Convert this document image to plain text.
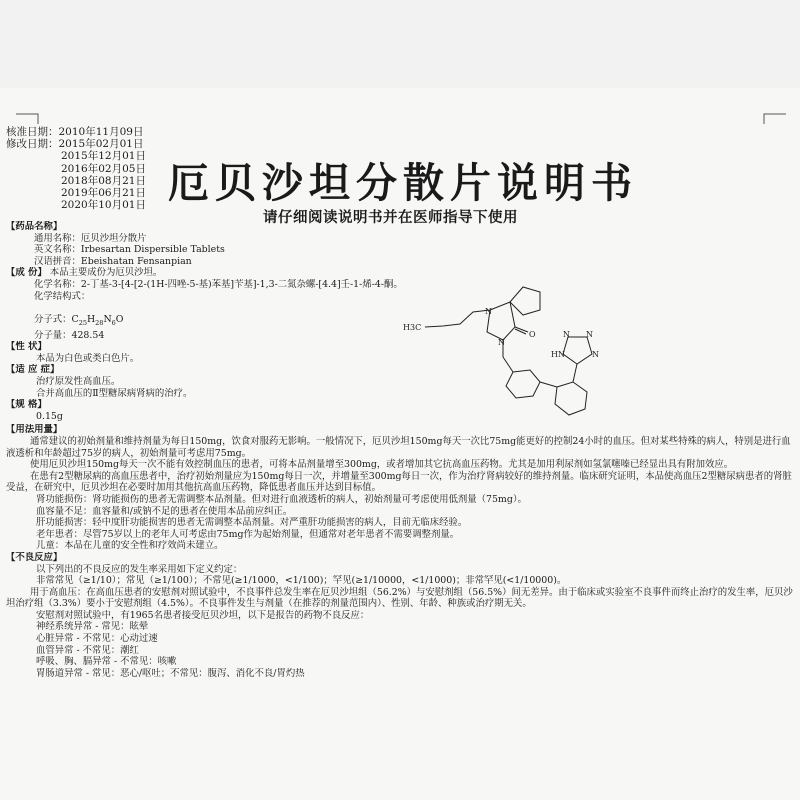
核准日期：2010年11月09日
修改日期：2015年02月01日
2015年12月01日
2016年02月05日
2018年08月21日
2019年06月21日
2020年10月01日 厄贝沙坦分散片说明书
请仔细阅读说明书并在医师指导下使用
【药品名称】
通用名称：厄贝沙坦分散片
英文名称：Irbesartan Dispersible Tablets
汉语拼音：Ebeishatan Fensanpian
【成 份】 本品主要成份为厄贝沙坦。
化学名称：2-丁基-3-[4-[2-(1H-四唑-5-基)苯基]苄基]-1,3-二氮杂螺-[4.4]壬-1-烯-4-酮。
化学结构式：
分子式：$C_{25}H_{28}N_6O$
分子量：428.54
【性 状】
本品为白色或类白色片。
【适 应 症】
治疗原发性高血压。
合并高血压的Ⅱ型糖尿病肾病的治疗。
【规 格】
0.15g
【用法用量】
通常建议的初始剂量和维持剂量为每日150mg，饮食对服药无影响。一般情况下，厄贝沙坦150mg每天一次比75mg能更好的控制24小时的血压。但对某些特殊的病人，特别是进行血液透析和年龄超过75岁的病人，初始剂量可考虑用75mg。
使用厄贝沙坦150mg每天一次不能有效控制血压的患者，可将本品剂量增至300mg，或者增加其它抗高血压药物。尤其是加用利尿剂如氢氯噻嗪已经显出具有附加效应。
在患有2型糖尿病的高血压患者中，治疗初始剂量应为150mg每日一次，并增量至300mg每日一次，作为治疗肾病较好的维持剂量。临床研究证明，本品使高血压2型糖尿病患者的肾脏受益，在研究中，厄贝沙坦在必要时加用其他抗高血压药物，降低患者血压并达到目标值。
肾功能损伤：肾功能损伤的患者无需调整本品剂量。但对进行血液透析的病人，初始剂量可考虑使用低剂量（75mg）。
血容量不足：血容量和/或钠不足的患者在使用本品前应纠正。
肝功能损害：轻中度肝功能损害的患者无需调整本品剂量。对严重肝功能损害的病人，目前无临床经验。
老年患者：尽管75岁以上的老年人可考虑由75mg作为起始剂量，但通常对老年患者不需要调整剂量。
儿童：本品在儿童的安全性和疗效尚未建立。
【不良反应】
以下列出的不良反应的发生率采用如下定义约定：
非常常见（≥1/10）；常见（≥1/100）；不常见(≥1/1000，<1/100)；罕见(≥1/10000，<1/1000)；非常罕见(<1/10000)。
用于高血压：在高血压患者的安慰剂对照试验中，不良事件总发生率在厄贝沙坦组（56.2%）与安慰剂组（56.5%）间无差异。由于临床或实验室不良事件而终止治疗的发生率，厄贝沙坦治疗组（3.3%）要小于安慰剂组（4.5%）。不良事件发生与剂量（在推荐的剂量范围内）、性别、年龄、种族或治疗期无关。
安慰剂对照试验中，有1965名患者接受厄贝沙坦，以下是报告的药物不良反应：
神经系统异常 - 常见：眩晕
心脏异常 - 不常见：心动过速
血管异常 - 不常见：潮红
呼吸、胸、膈异常 - 不常见：咳嗽
胃肠道异常 - 常见：恶心/呕吐；不常见：腹泻、消化不良/胃灼热
H3C
N
N
O
HN
N N
N
